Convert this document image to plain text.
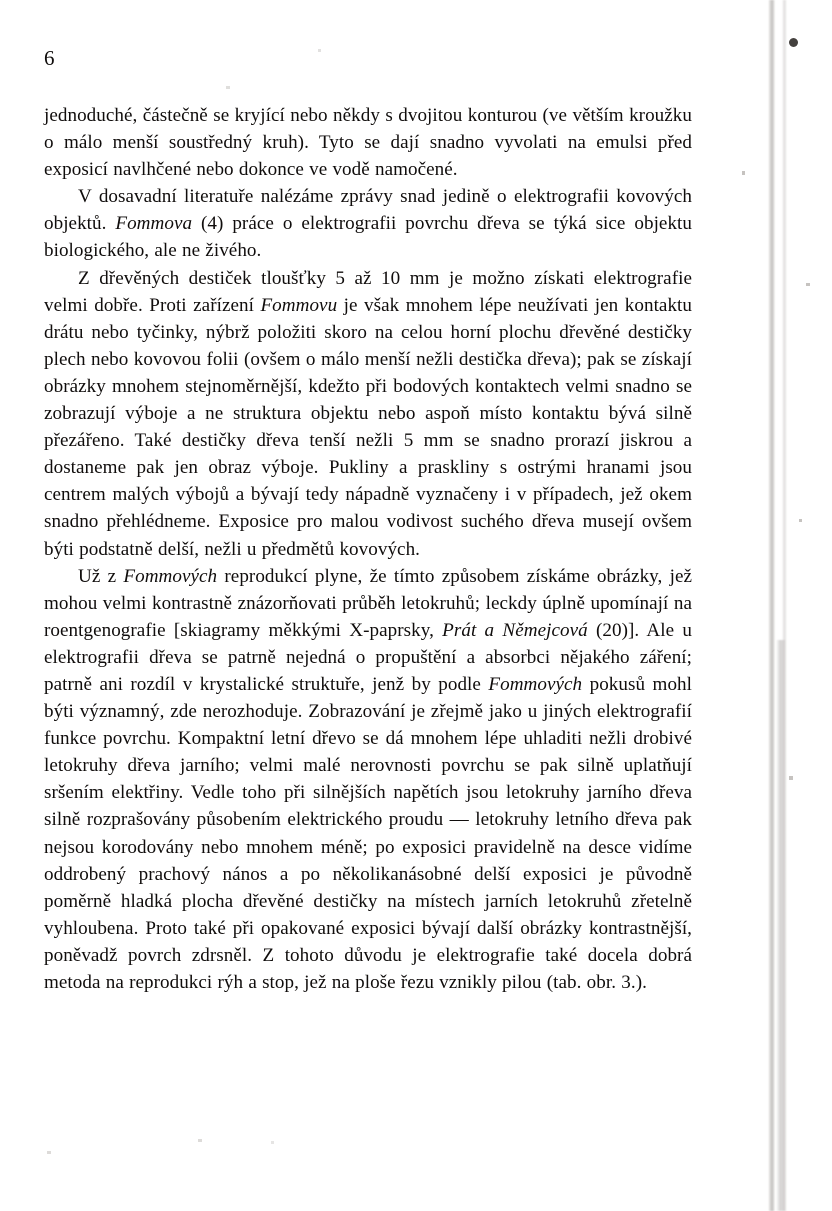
6

jednoduché, částečně se kryjící nebo někdy s dvojitou konturou (ve větším kroužku o málo menší soustředný kruh). Tyto se dají snadno vyvolati na emulsi před exposicí navlhčené nebo dokonce ve vodě namočené.

V dosavadní literatuře nalézáme zprávy snad jedině o elektrografii kovových objektů. Fommova (4) práce o elektrografii povrchu dřeva se týká sice objektu biologického, ale ne živého.

Z dřevěných destiček tloušťky 5 až 10 mm je možno získati elektrografie velmi dobře. Proti zařízení Fommovu je však mnohem lépe neužívati jen kontaktu drátu nebo tyčinky, nýbrž položiti skoro na celou horní plochu dřevěné destičky plech nebo kovovou folii (ovšem o málo menší nežli destička dřeva); pak se získají obrázky mnohem stejnoměrnější, kdežto při bodových kontaktech velmi snadno se zobrazují výboje a ne struktura objektu nebo aspoň místo kontaktu bývá silně přezářeno. Také destičky dřeva tenší nežli 5 mm se snadno prorazí jiskrou a dostaneme pak jen obraz výboje. Pukliny a praskliny s ostrými hranami jsou centrem malých výbojů a bývají tedy nápadně vyznačeny i v případech, jež okem snadno přehlédneme. Exposice pro malou vodivost suchého dřeva musejí ovšem býti podstatně delší, nežli u předmětů kovových.

Už z Fommových reprodukcí plyne, že tímto způsobem získáme obrázky, jež mohou velmi kontrastně znázorňovati průběh letokruhů; leckdy úplně upomínají na roentgenografie [skiagramy měkkými X-paprsky, Prát a Němejcová (20)]. Ale u elektrografii dřeva se patrně nejedná o propuštění a absorbci nějakého záření; patrně ani rozdíl v krystalické struktuře, jenž by podle Fommových pokusů mohl býti významný, zde nerozhoduje. Zobrazování je zřejmě jako u jiných elektrografií funkce povrchu. Kompaktní letní dřevo se dá mnohem lépe uhladiti nežli drobivé letokruhy dřeva jarního; velmi malé nerovnosti povrchu se pak silně uplatňují sršením elektřiny. Vedle toho při silnějších napětích jsou letokruhy jarního dřeva silně rozprašovány působením elektrického proudu — letokruhy letního dřeva pak nejsou korodovány nebo mnohem méně; po exposici pravidelně na desce vidíme oddrobený prachový nános a po několikanásobné delší exposici je původně poměrně hladká plocha dřevěné destičky na místech jarních letokruhů zřetelně vyhloubena. Proto také při opakované exposici bývají další obrázky kontrastnější, poněvadž povrch zdrsněl. Z tohoto důvodu je elektrografie také docela dobrá metoda na reprodukci rýh a stop, jež na ploše řezu vznikly pilou (tab. obr. 3.).
